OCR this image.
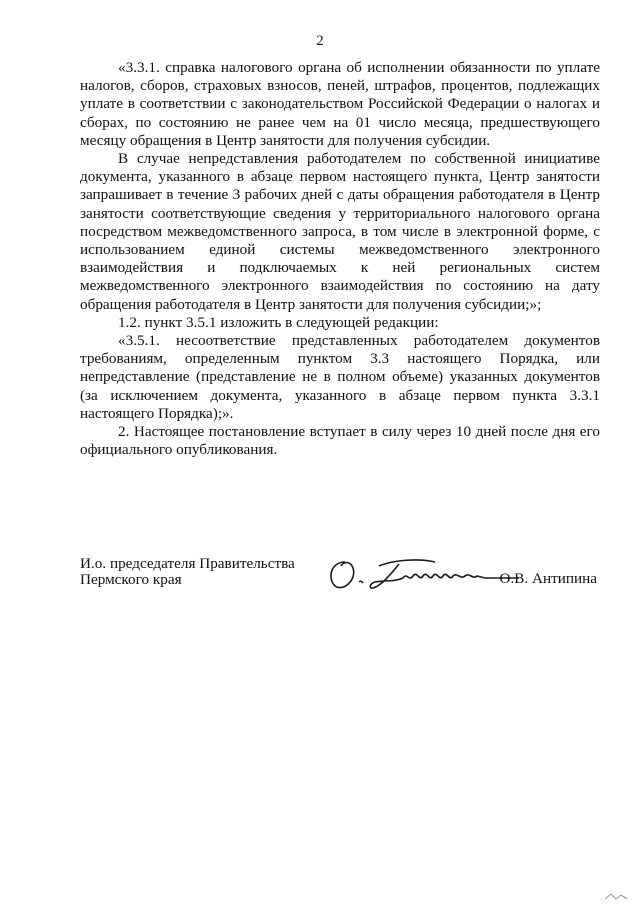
2

«3.3.1. справка налогового органа об исполнении обязанности по уплате налогов, сборов, страховых взносов, пеней, штрафов, процентов, подлежащих уплате в соответствии с законодательством Российской Федерации о налогах и сборах, по состоянию не ранее чем на 01 число месяца, предшествующего месяцу обращения в Центр занятости для получения субсидии.

В случае непредставления работодателем по собственной инициативе документа, указанного в абзаце первом настоящего пункта, Центр занятости запрашивает в течение 3 рабочих дней с даты обращения работодателя в Центр занятости соответствующие сведения у территориального налогового органа посредством межведомственного запроса, в том числе в электронной форме, с использованием единой системы межведомственного электронного взаимодействия и подключаемых к ней региональных систем межведомственного электронного взаимодействия по состоянию на дату обращения работодателя в Центр занятости для получения субсидии;»;

1.2. пункт 3.5.1 изложить в следующей редакции:

«3.5.1. несоответствие представленных работодателем документов требованиям, определенным пунктом 3.3 настоящего Порядка, или непредставление (представление не в полном объеме) указанных документов (за исключением документа, указанного в абзаце первом пункта 3.3.1 настоящего Порядка);».

2. Настоящее постановление вступает в силу через 10 дней после дня его официального опубликования.

И.о. председателя Правительства
Пермского края	О.В. Антипина
